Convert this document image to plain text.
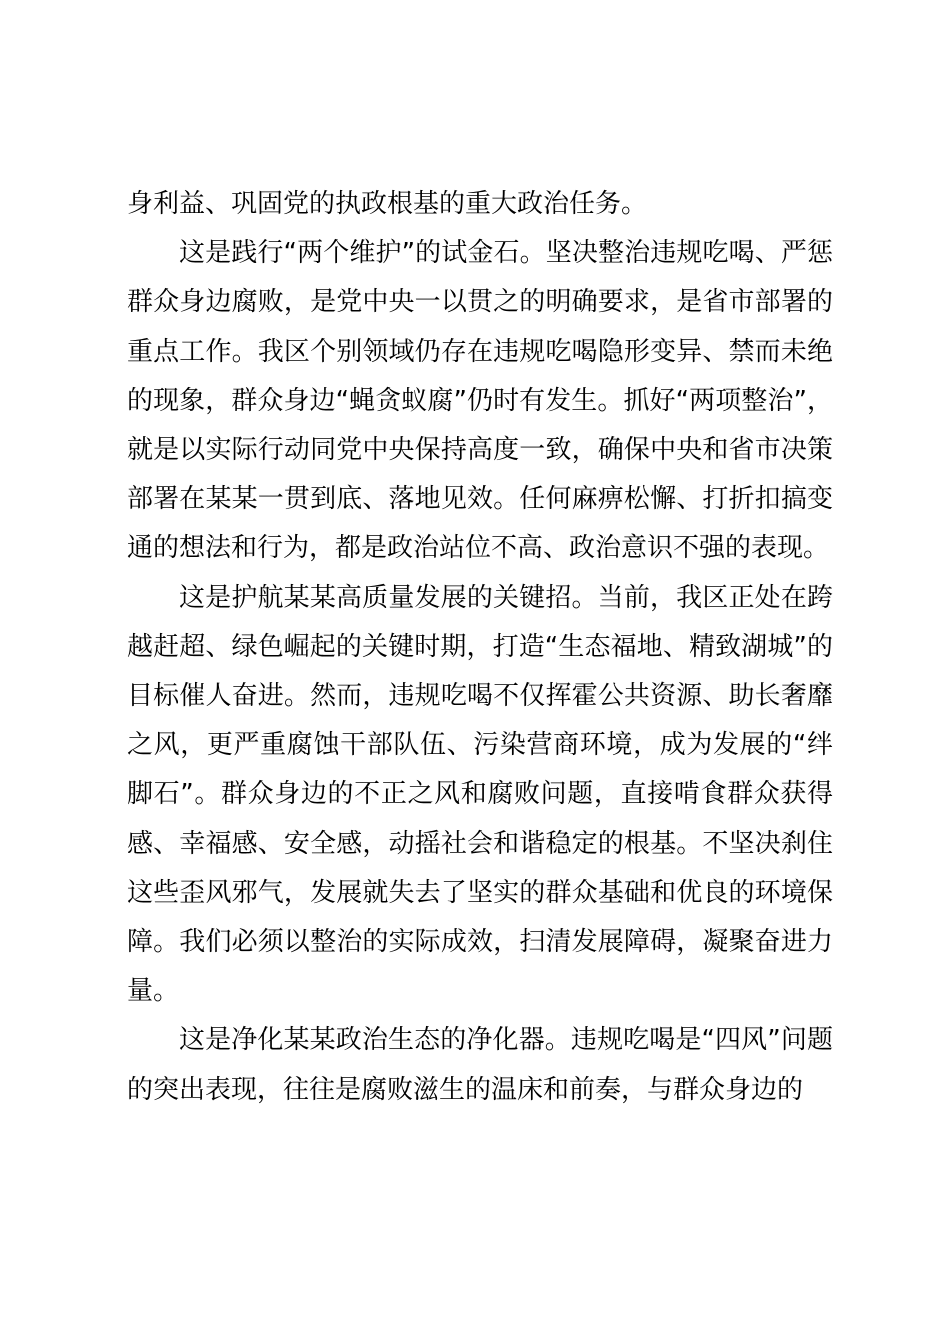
身利益、巩固党的执政根基的重大政治任务。

这是践行“两个维护”的试金石。坚决整治违规吃喝、严惩群众身边腐败，是党中央一以贯之的明确要求，是省市部署的重点工作。我区个别领域仍存在违规吃喝隐形变异、禁而未绝的现象，群众身边“蝇贪蚁腐”仍时有发生。抓好“两项整治”，就是以实际行动同党中央保持高度一致，确保中央和省市决策部署在某某一贯到底、落地见效。任何麻痹松懈、打折扣搞变通的想法和行为，都是政治站位不高、政治意识不强的表现。

这是护航某某高质量发展的关键招。当前，我区正处在跨越赶超、绿色崛起的关键时期，打造“生态福地、精致湖城”的目标催人奋进。然而，违规吃喝不仅挥霍公共资源、助长奢靡之风，更严重腐蚀干部队伍、污染营商环境，成为发展的“绊脚石”。群众身边的不正之风和腐败问题，直接啃食群众获得感、幸福感、安全感，动摇社会和谐稳定的根基。不坚决刹住这些歪风邪气，发展就失去了坚实的群众基础和优良的环境保障。我们必须以整治的实际成效，扫清发展障碍，凝聚奋进力量。

这是净化某某政治生态的净化器。违规吃喝是“四风”问题的突出表现，往往是腐败滋生的温床和前奏，与群众身边的
